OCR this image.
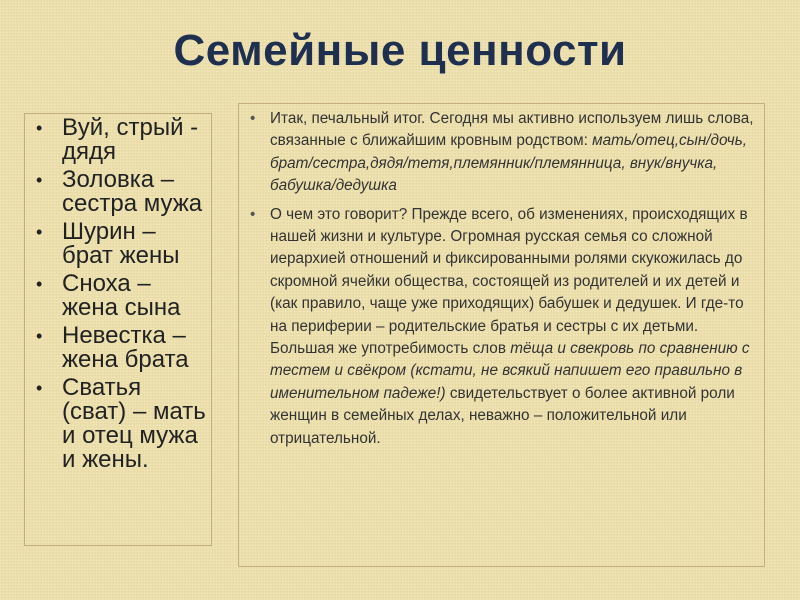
Семейные ценности
• Вуй, стрый - дядя
• Золовка – сестра мужа
• Шурин – брат жены
• Сноха – жена сына
• Невестка – жена брата
• Сватья (сват) – мать и отец мужа и жены.
• Итак, печальный итог. Сегодня мы активно используем лишь слова, связанные с ближайшим кровным родством: мать/отец,сын/дочь, брат/сестра,дядя/тетя,племянник/племянница, внук/внучка, бабушка/дедушка
• О чем это говорит? Прежде всего, об изменениях, происходящих в нашей жизни и культуре. Огромная русская семья со сложной иерархией отношений и фиксированными ролями скукожилась до скромной ячейки общества, состоящей из родителей и их детей и (как правило, чаще уже приходящих) бабушек и дедушек. И где-то на периферии – родительские братья и сестры с их детьми. Большая же употребимость слов тёща и свекровь по сравнению с тестем и свёкром (кстати, не всякий напишет его правильно в именительном падеже!) свидетельствует о более активной роли женщин в семейных делах, неважно – положительной или отрицательной.
